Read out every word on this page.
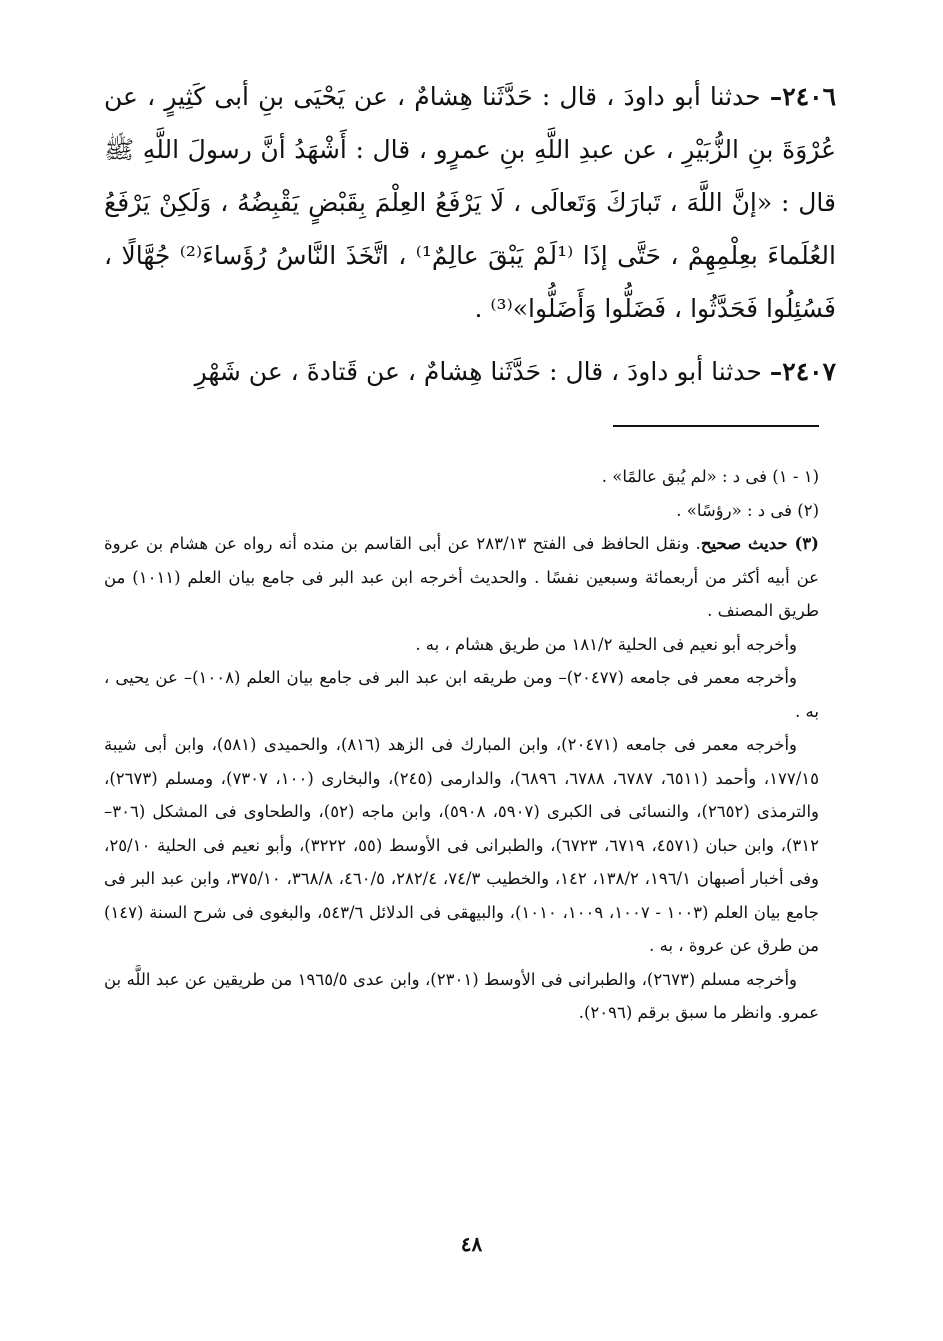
٢٤٠٦– حدثنا أبو داودَ ، قال : حَدَّثَنا هِشامٌ ، عن يَحْيَى بنِ أبى كَثِيرٍ ، عن عُرْوَةَ بنِ الزُّبَيْرِ ، عن عبدِ اللَّهِ بنِ عمرٍو ، قال : أَشْهَدُ أنَّ رسولَ اللَّهِ ﷺ قال : «إنَّ اللَّهَ ، تَبارَكَ وَتَعالَى ، لَا يَرْفَعُ العِلْمَ بِقَبْضٍ يَقْبِضُهُ ، وَلَكِنْ يَرْفَعُ العُلَماءَ بعِلْمِهِمْ ، حَتَّى إذَا ⁽¹لَمْ يَبْقَ عالِمٌ¹⁾ ، اتَّخَذَ النَّاسُ رُؤَساءَ⁽²⁾ جُهَّالًا ، فَسُئِلُوا فَحَدَّثُوا ، فَضَلُّوا وَأَضَلُّوا»⁽³⁾ .

٢٤٠٧– حدثنا أبو داودَ ، قال : حَدَّثَنا هِشامٌ ، عن قَتادةَ ، عن شَهْرِ

(١ - ١) فى د : «لم يُبق عالمًا» .

(٢) فى د : «رؤسًا» .

(٣) حديث صحيح. ونقل الحافظ فى الفتح ٢٨٣/١٣ عن أبى القاسم بن منده أنه رواه عن هشام بن عروة عن أبيه أكثر من أربعمائة وسبعين نفسًا . والحديث أخرجه ابن عبد البر فى جامع بيان العلم (١٠١١) من طريق المصنف .

وأخرجه أبو نعيم فى الحلية ١٨١/٢ من طريق هشام ، به .

وأخرجه معمر فى جامعه (٢٠٤٧٧)– ومن طريقه ابن عبد البر فى جامع بيان العلم (١٠٠٨)– عن يحيى ، به .

وأخرجه معمر فى جامعه (٢٠٤٧١)، وابن المبارك فى الزهد (٨١٦)، والحميدى (٥٨١)، وابن أبى شيبة ١٧٧/١٥، وأحمد (٦٥١١، ٦٧٨٧، ٦٧٨٨، ٦٨٩٦)، والدارمى (٢٤٥)، والبخارى (١٠٠، ٧٣٠٧)، ومسلم (٢٦٧٣)، والترمذى (٢٦٥٢)، والنسائى فى الكبرى (٥٩٠٧، ٥٩٠٨)، وابن ماجه (٥٢)، والطحاوى فى المشكل (٣٠٦– ٣١٢)، وابن حبان (٤٥٧١، ٦٧١٩، ٦٧٢٣)، والطبرانى فى الأوسط (٥٥، ٣٢٢٢)، وأبو نعيم فى الحلية ٢٥/١٠، وفى أخبار أصبهان ١٩٦/١، ١٣٨/٢، ١٤٢، والخطيب ٧٤/٣، ٢٨٢/٤، ٤٦٠/٥، ٣٦٨/٨، ٣٧٥/١٠، وابن عبد البر فى جامع بيان العلم (١٠٠٣ - ١٠٠٧، ١٠٠٩، ١٠١٠)، والبيهقى فى الدلائل ٥٤٣/٦، والبغوى فى شرح السنة (١٤٧) من طرق عن عروة ، به .

وأخرجه مسلم (٢٦٧٣)، والطبرانى فى الأوسط (٢٣٠١)، وابن عدى ١٩٦٥/٥ من طريقين عن عبد اللَّه بن عمرو. وانظر ما سبق برقم (٢٠٩٦).

٤٨
